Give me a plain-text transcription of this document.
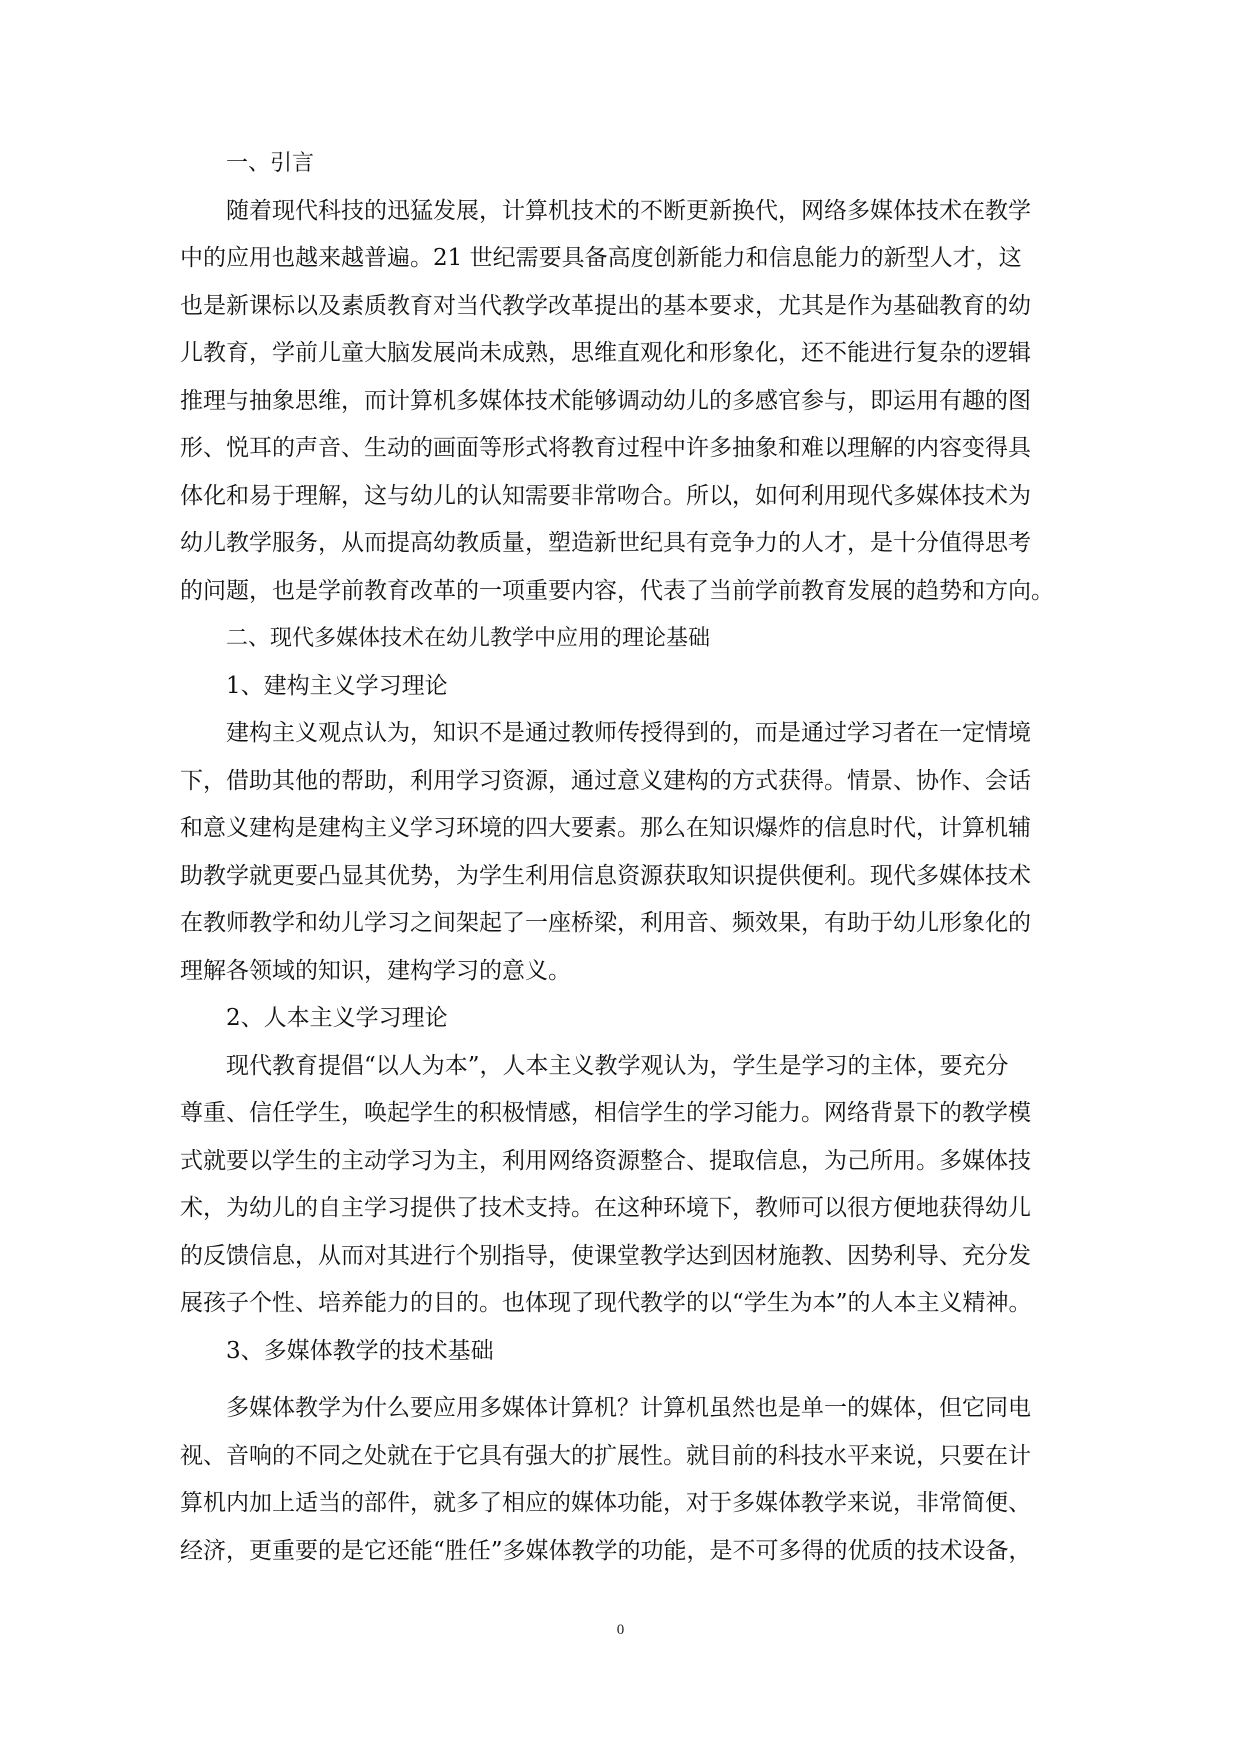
一、引言
随着现代科技的迅猛发展，计算机技术的不断更新换代，网络多媒体技术在教学
中的应用也越来越普遍。21 世纪需要具备高度创新能力和信息能力的新型人才，这
也是新课标以及素质教育对当代教学改革提出的基本要求，尤其是作为基础教育的幼
儿教育，学前儿童大脑发展尚未成熟，思维直观化和形象化，还不能进行复杂的逻辑
推理与抽象思维，而计算机多媒体技术能够调动幼儿的多感官参与，即运用有趣的图
形、悦耳的声音、生动的画面等形式将教育过程中许多抽象和难以理解的内容变得具
体化和易于理解，这与幼儿的认知需要非常吻合。所以，如何利用现代多媒体技术为
幼儿教学服务，从而提高幼教质量，塑造新世纪具有竞争力的人才，是十分值得思考
的问题，也是学前教育改革的一项重要内容，代表了当前学前教育发展的趋势和方向。
二、现代多媒体技术在幼儿教学中应用的理论基础
1、建构主义学习理论
建构主义观点认为，知识不是通过教师传授得到的，而是通过学习者在一定情境
下，借助其他的帮助，利用学习资源，通过意义建构的方式获得。情景、协作、会话
和意义建构是建构主义学习环境的四大要素。那么在知识爆炸的信息时代，计算机辅
助教学就更要凸显其优势，为学生利用信息资源获取知识提供便利。现代多媒体技术
在教师教学和幼儿学习之间架起了一座桥梁，利用音、频效果，有助于幼儿形象化的
理解各领域的知识，建构学习的意义。
2、人本主义学习理论
现代教育提倡“以人为本”，人本主义教学观认为，学生是学习的主体，要充分
尊重、信任学生，唤起学生的积极情感，相信学生的学习能力。网络背景下的教学模
式就要以学生的主动学习为主，利用网络资源整合、提取信息，为己所用。多媒体技
术，为幼儿的自主学习提供了技术支持。在这种环境下，教师可以很方便地获得幼儿
的反馈信息，从而对其进行个别指导，使课堂教学达到因材施教、因势利导、充分发
展孩子个性、培养能力的目的。也体现了现代教学的以“学生为本”的人本主义精神。
3、多媒体教学的技术基础
多媒体教学为什么要应用多媒体计算机？计算机虽然也是单一的媒体，但它同电
视、音响的不同之处就在于它具有强大的扩展性。就目前的科技水平来说，只要在计
算机内加上适当的部件，就多了相应的媒体功能，对于多媒体教学来说，非常简便、
经济，更重要的是它还能“胜任”多媒体教学的功能，是不可多得的优质的技术设备，
0
